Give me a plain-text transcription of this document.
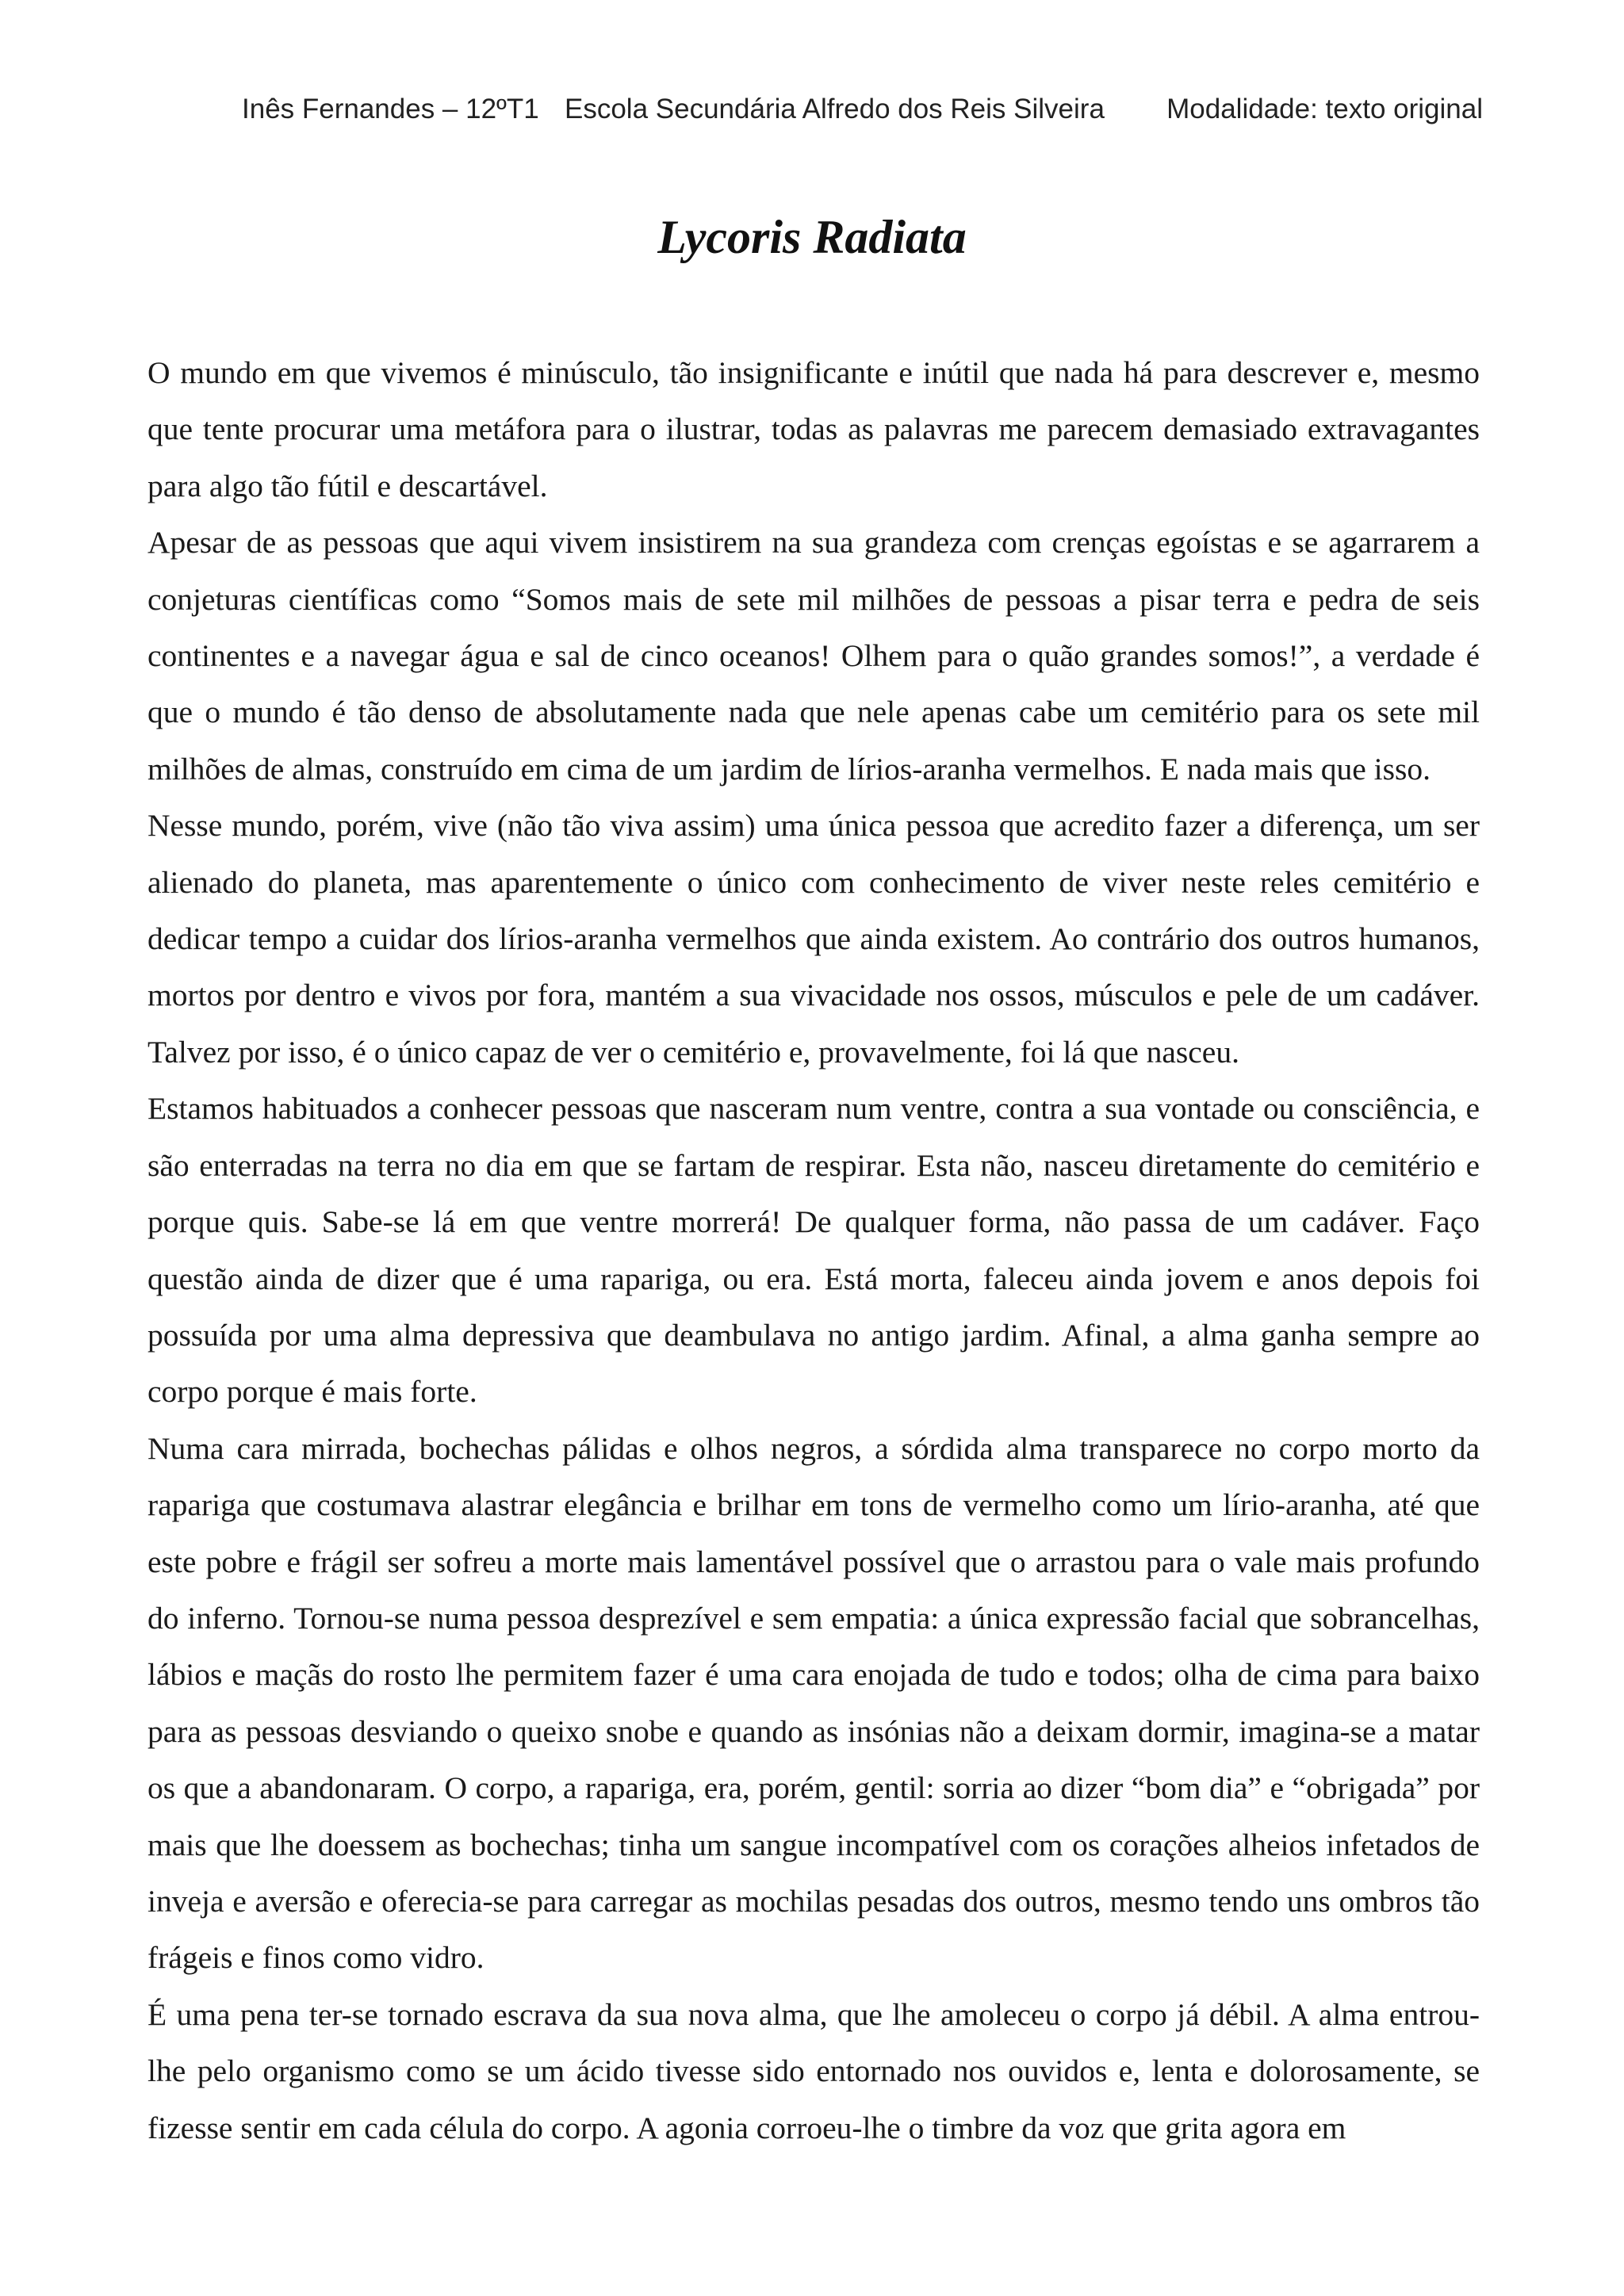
Inês Fernandes – 12ºT1 Escola Secundária Alfredo dos Reis Silveira Modalidade: texto original
Lycoris Radiata

O mundo em que vivemos é minúsculo, tão insignificante e inútil que nada há para descrever e, mesmo que tente procurar uma metáfora para o ilustrar, todas as palavras me parecem demasiado extravagantes para algo tão fútil e descartável.

Apesar de as pessoas que aqui vivem insistirem na sua grandeza com crenças egoístas e se agarrarem a conjeturas científicas como “Somos mais de sete mil milhões de pessoas a pisar terra e pedra de seis continentes e a navegar água e sal de cinco oceanos! Olhem para o quão grandes somos!”, a verdade é que o mundo é tão denso de absolutamente nada que nele apenas cabe um cemitério para os sete mil milhões de almas, construído em cima de um jardim de lírios-aranha vermelhos. E nada mais que isso.

Nesse mundo, porém, vive (não tão viva assim) uma única pessoa que acredito fazer a diferença, um ser alienado do planeta, mas aparentemente o único com conhecimento de viver neste reles cemitério e dedicar tempo a cuidar dos lírios-aranha vermelhos que ainda existem. Ao contrário dos outros humanos, mortos por dentro e vivos por fora, mantém a sua vivacidade nos ossos, músculos e pele de um cadáver. Talvez por isso, é o único capaz de ver o cemitério e, provavelmente, foi lá que nasceu.

Estamos habituados a conhecer pessoas que nasceram num ventre, contra a sua vontade ou consciência, e são enterradas na terra no dia em que se fartam de respirar. Esta não, nasceu diretamente do cemitério e porque quis. Sabe-se lá em que ventre morrerá! De qualquer forma, não passa de um cadáver. Faço questão ainda de dizer que é uma rapariga, ou era. Está morta, faleceu ainda jovem e anos depois foi possuída por uma alma depressiva que deambulava no antigo jardim. Afinal, a alma ganha sempre ao corpo porque é mais forte.

Numa cara mirrada, bochechas pálidas e olhos negros, a sórdida alma transparece no corpo morto da rapariga que costumava alastrar elegância e brilhar em tons de vermelho como um lírio-aranha, até que este pobre e frágil ser sofreu a morte mais lamentável possível que o arrastou para o vale mais profundo do inferno. Tornou-se numa pessoa desprezível e sem empatia: a única expressão facial que sobrancelhas, lábios e maçãs do rosto lhe permitem fazer é uma cara enojada de tudo e todos; olha de cima para baixo para as pessoas desviando o queixo snobe e quando as insónias não a deixam dormir, imagina-se a matar os que a abandonaram. O corpo, a rapariga, era, porém, gentil: sorria ao dizer “bom dia” e “obrigada” por mais que lhe doessem as bochechas; tinha um sangue incompatível com os corações alheios infetados de inveja e aversão e oferecia-se para carregar as mochilas pesadas dos outros, mesmo tendo uns ombros tão frágeis e finos como vidro.

É uma pena ter-se tornado escrava da sua nova alma, que lhe amoleceu o corpo já débil. A alma entrou-lhe pelo organismo como se um ácido tivesse sido entornado nos ouvidos e, lenta e dolorosamente, se fizesse sentir em cada célula do corpo. A agonia corroeu-lhe o timbre da voz que grita agora em
